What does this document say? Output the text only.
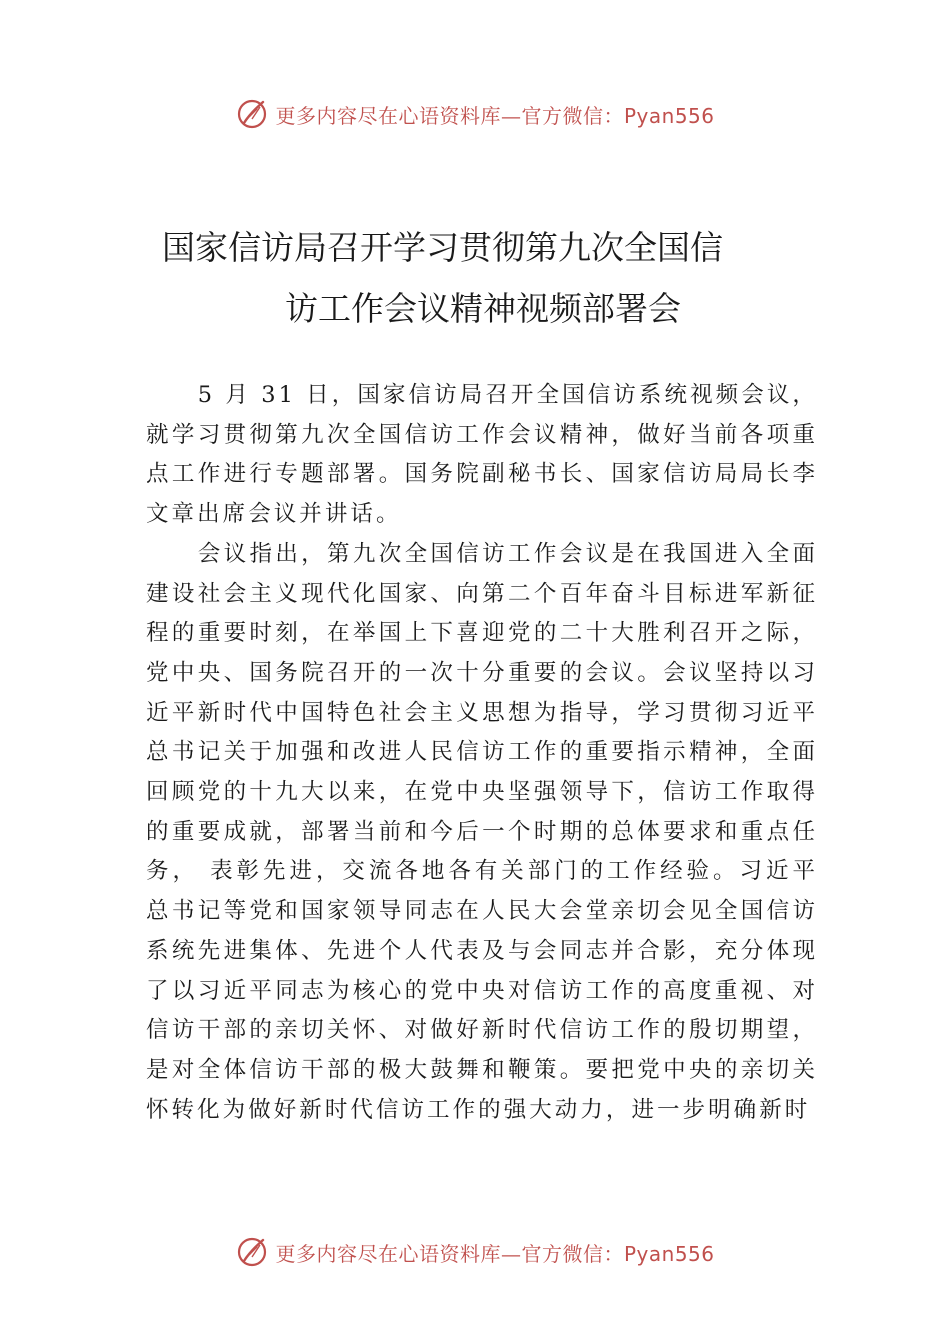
更多内容尽在心语资料库—官方微信：Pyan556
国家信访局召开学习贯彻第九次全国信
访工作会议精神视频部署会

5 月 31 日，国家信访局召开全国信访系统视频会议，就学习贯彻第九次全国信访工作会议精神，做好当前各项重点工作进行专题部署。国务院副秘书长、国家信访局局长李文章出席会议并讲话。

会议指出，第九次全国信访工作会议是在我国进入全面建设社会主义现代化国家、向第二个百年奋斗目标进军新征程的重要时刻，在举国上下喜迎党的二十大胜利召开之际， 党中央、国务院召开的一次十分重要的会议。会议坚持以习近平新时代中国特色社会主义思想为指导，学习贯彻习近平总书记关于加强和改进人民信访工作的重要指示精神，全面回顾党的十九大以来，在党中央坚强领导下，信访工作取得的重要成就，部署当前和今后一个时期的总体要求和重点任务， 表彰先进，交流各地各有关部门的工作经验。习近平总书记等党和国家领导同志在人民大会堂亲切会见全国信访系统先进集体、先进个人代表及与会同志并合影，充分体现了以习近平同志为核心的党中央对信访工作的高度重视、对信访干部的亲切关怀、对做好新时代信访工作的殷切期望， 是对全体信访干部的极大鼓舞和鞭策。要把党中央的亲切关怀转化为做好新时代信访工作的强大动力，进一步明确新时

更多内容尽在心语资料库—官方微信：Pyan556
